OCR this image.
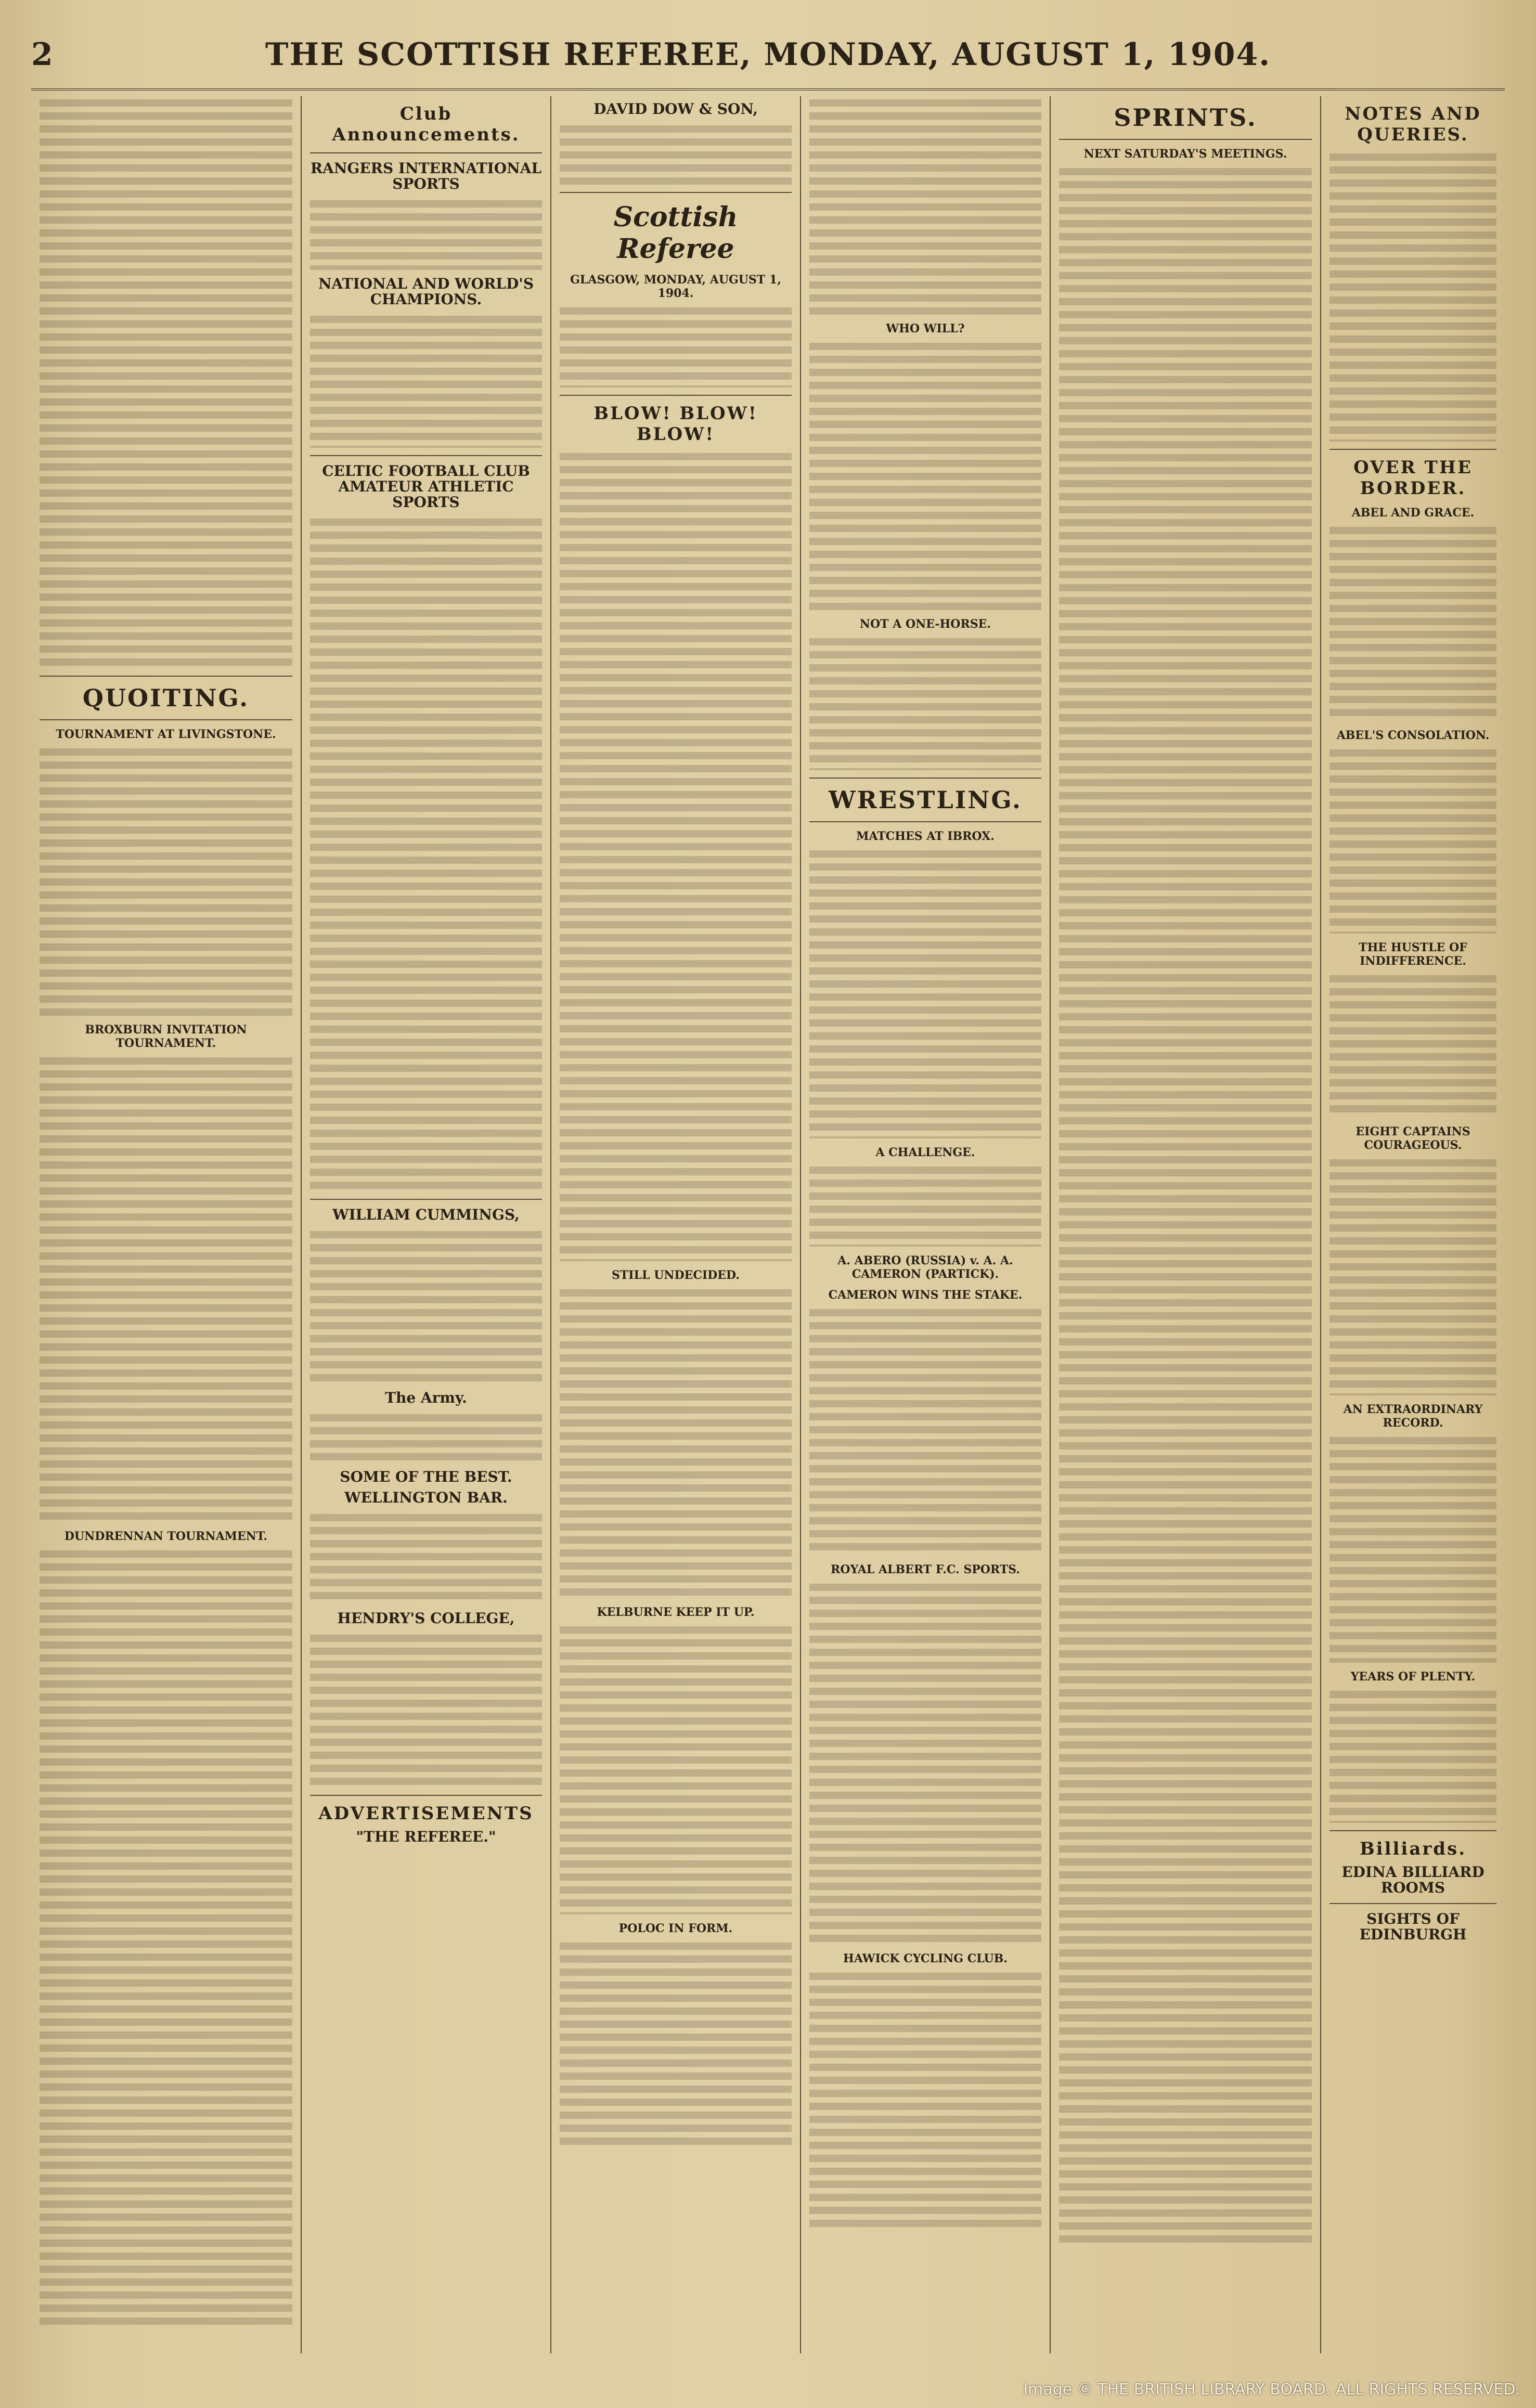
2	THE SCOTTISH REFEREE, MONDAY, AUGUST 1, 1904.
QUOITING.
TOURNAMENT AT LIVINGSTONE.
BROXBURN INVITATION TOURNAMENT.
DUNDRENNAN TOURNAMENT.
Club Announcements.
RANGERS INTERNATIONAL SPORTS
NATIONAL AND WORLD'S CHAMPIONS.
CELTIC FOOTBALL CLUB AMATEUR ATHLETIC SPORTS
WILLIAM CUMMINGS,
The Army.
SOME OF THE BEST.
WELLINGTON BAR.
HENDRY'S COLLEGE,
ADVERTISEMENTS
"THE REFEREE."
DAVID DOW & SON,
Scottish Referee
GLASGOW, MONDAY, AUGUST 1, 1904.
BLOW! BLOW! BLOW!
STILL UNDECIDED.
KELBURNE KEEP IT UP.
POLOC IN FORM.
WHO WILL?
NOT A ONE-HORSE.
WRESTLING.
MATCHES AT IBROX.
A CHALLENGE.
A. ABERO (RUSSIA) v. A. A. CAMERON (PARTICK).
CAMERON WINS THE STAKE.
ROYAL ALBERT F.C. SPORTS.
HAWICK CYCLING CLUB.
SPRINTS.
NEXT SATURDAY'S MEETINGS.
NOTES AND QUERIES.
OVER THE BORDER.
ABEL AND GRACE.
ABEL'S CONSOLATION.
THE HUSTLE OF INDIFFERENCE.
EIGHT CAPTAINS COURAGEOUS.
AN EXTRAORDINARY RECORD.
YEARS OF PLENTY.
Billiards.
EDINA BILLIARD ROOMS
SIGHTS OF EDINBURGH
Image © THE BRITISH LIBRARY BOARD. ALL RIGHTS RESERVED.
